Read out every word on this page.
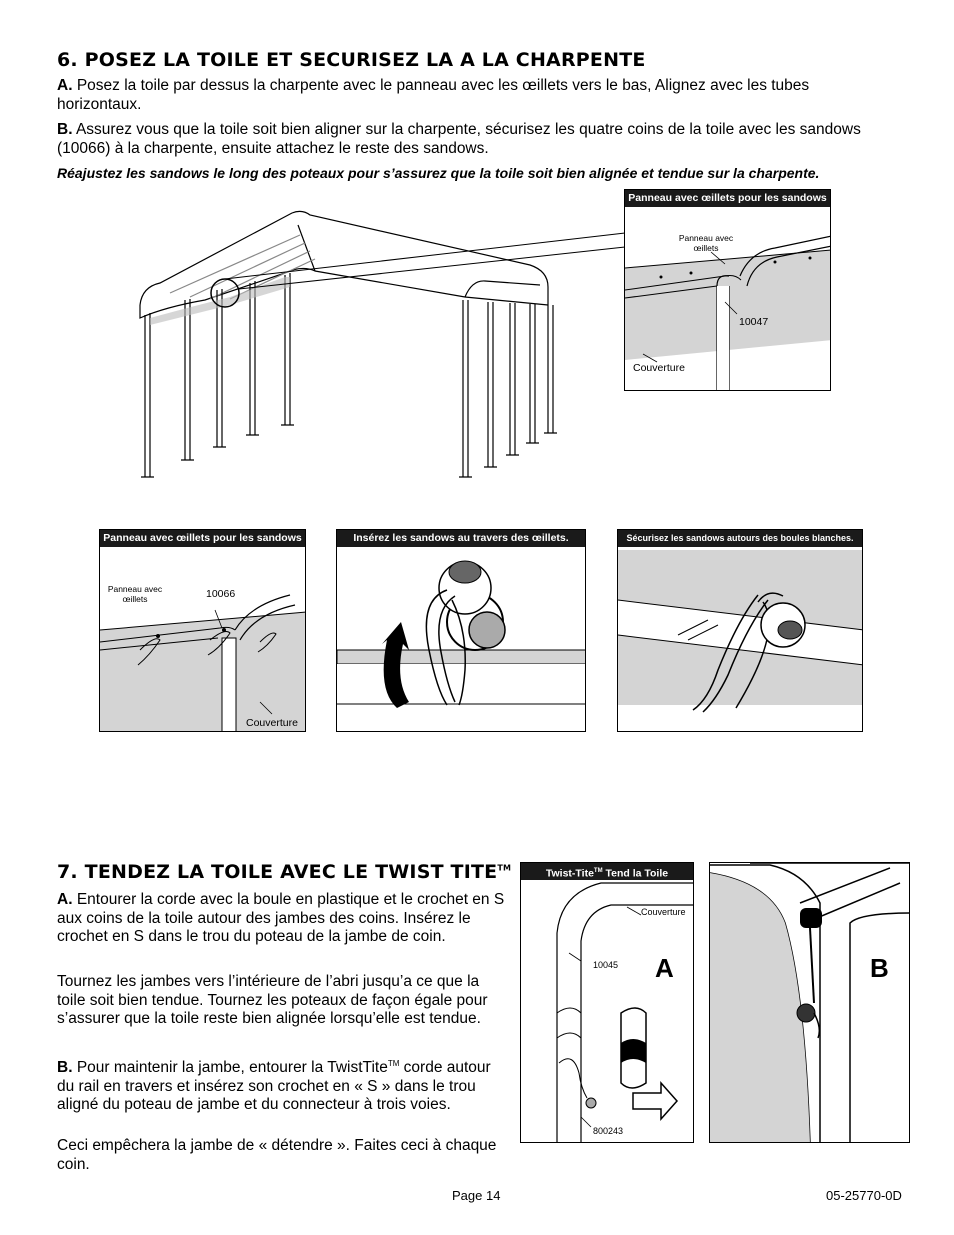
6. POSEZ LA TOILE ET SECURISEZ LA A LA CHARPENTE
A. Posez la toile par dessus la charpente avec le panneau avec les œillets vers le bas, Alignez avec les tubes horizontaux.
B. Assurez vous que la toile soit bien aligner sur la charpente, sécurisez les quatre coins de la toile avec les sandows (10066) à la charpente, ensuite attachez le reste des sandows.
Réajustez les sandows le long des poteaux pour s’assurez que la toile soit bien alignée et tendue sur la charpente.
Panneau avec œillets pour les sandows
Panneau avec œillets
10047
Couverture
Panneau avec œillets pour les sandows
Panneau avec œillets	10066
Couverture
Insérez les sandows au travers des œillets.	Sécurisez les sandows autours des boules blanches.
7. TENDEZ LA TOILE AVEC LE TWIST TITE™
A. Entourer la corde avec la boule en plastique et le crochet en S aux coins de la toile autour des jambes des coins. Insérez le crochet en S dans le trou du poteau de la jambe de coin.
Tournez les jambes vers l’intérieure de l’abri jusqu’a ce que la toile soit bien tendue. Tournez les poteaux de façon égale pour s’assurer que la toile reste bien alignée lorsqu’elle est tendue.
B. Pour maintenir la jambe, entourer la TwistTite™ corde autour du rail en travers et insérez son crochet en « S » dans le trou aligné du poteau de jambe et du connecteur à trois voies.
Ceci empêchera la jambe de « détendre ». Faites ceci à chaque coin.
Twist-Tite™ Tend la Toile
Couverture
10045
800243
A	B
Page 14	05-25770-0D
